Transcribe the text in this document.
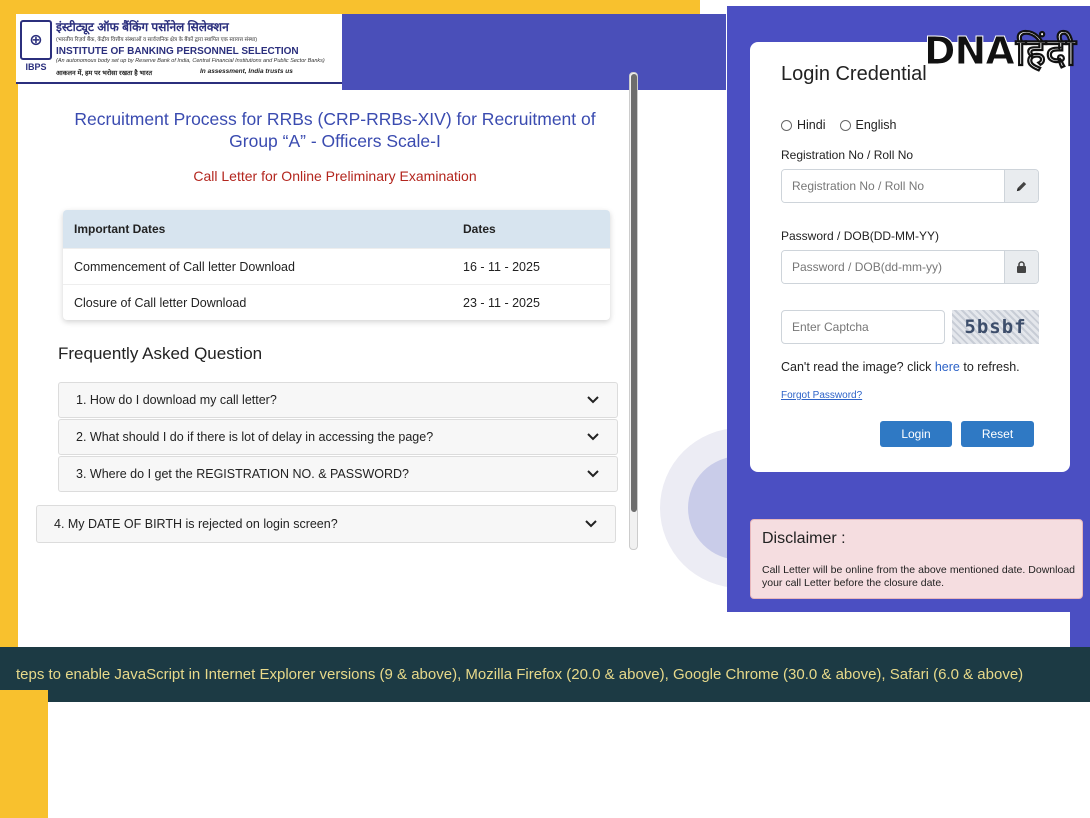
⊕
IBPS
इंस्टीट्यूट ऑफ बैंकिंग पर्सोनेल सिलेक्शन
(भारतीय रिज़र्व बैंक, केंद्रीय वित्तीय संस्थाओं व सार्वजनिक क्षेत्र के बैंकों द्वारा स्थापित एक स्वायत्त संस्था)
INSTITUTE OF BANKING PERSONNEL SELECTION
(An autonomous body set up by Reserve Bank of India, Central Financial Institutions and Public Sector Banks)
आकलन में, हम पर भरोसा रखता है भारत	In assessment, India trusts us
Recruitment Process for RRBs (CRP-RRBs-XIV) for Recruitment of Group “A” - Officers Scale-I
Call Letter for Online Preliminary Examination
Important Dates	Dates
Commencement of Call letter Download	16 - 11 - 2025
Closure of Call letter Download	23 - 11 - 2025
Frequently Asked Question
1. How do I download my call letter?
2. What should I do if there is lot of delay in accessing the page?
3. Where do I get the REGISTRATION NO. & PASSWORD?
4. My DATE OF BIRTH is rejected on login screen?
Login Credential
Hindi English
Registration No / Roll No
Registration No / Roll No
Password / DOB(DD-MM-YY)
Enter Captcha
5bsbf
Can't read the image? click here to refresh.
Forgot Password?
Login	Reset
Disclaimer :
Call Letter will be online from the above mentioned date. Download your call Letter before the closure date.
DNA हिंदी
teps to enable JavaScript in Internet Explorer versions (9 & above), Mozilla Firefox (20.0 & above), Google Chrome (30.0 & above), Safari (6.0 & above)
